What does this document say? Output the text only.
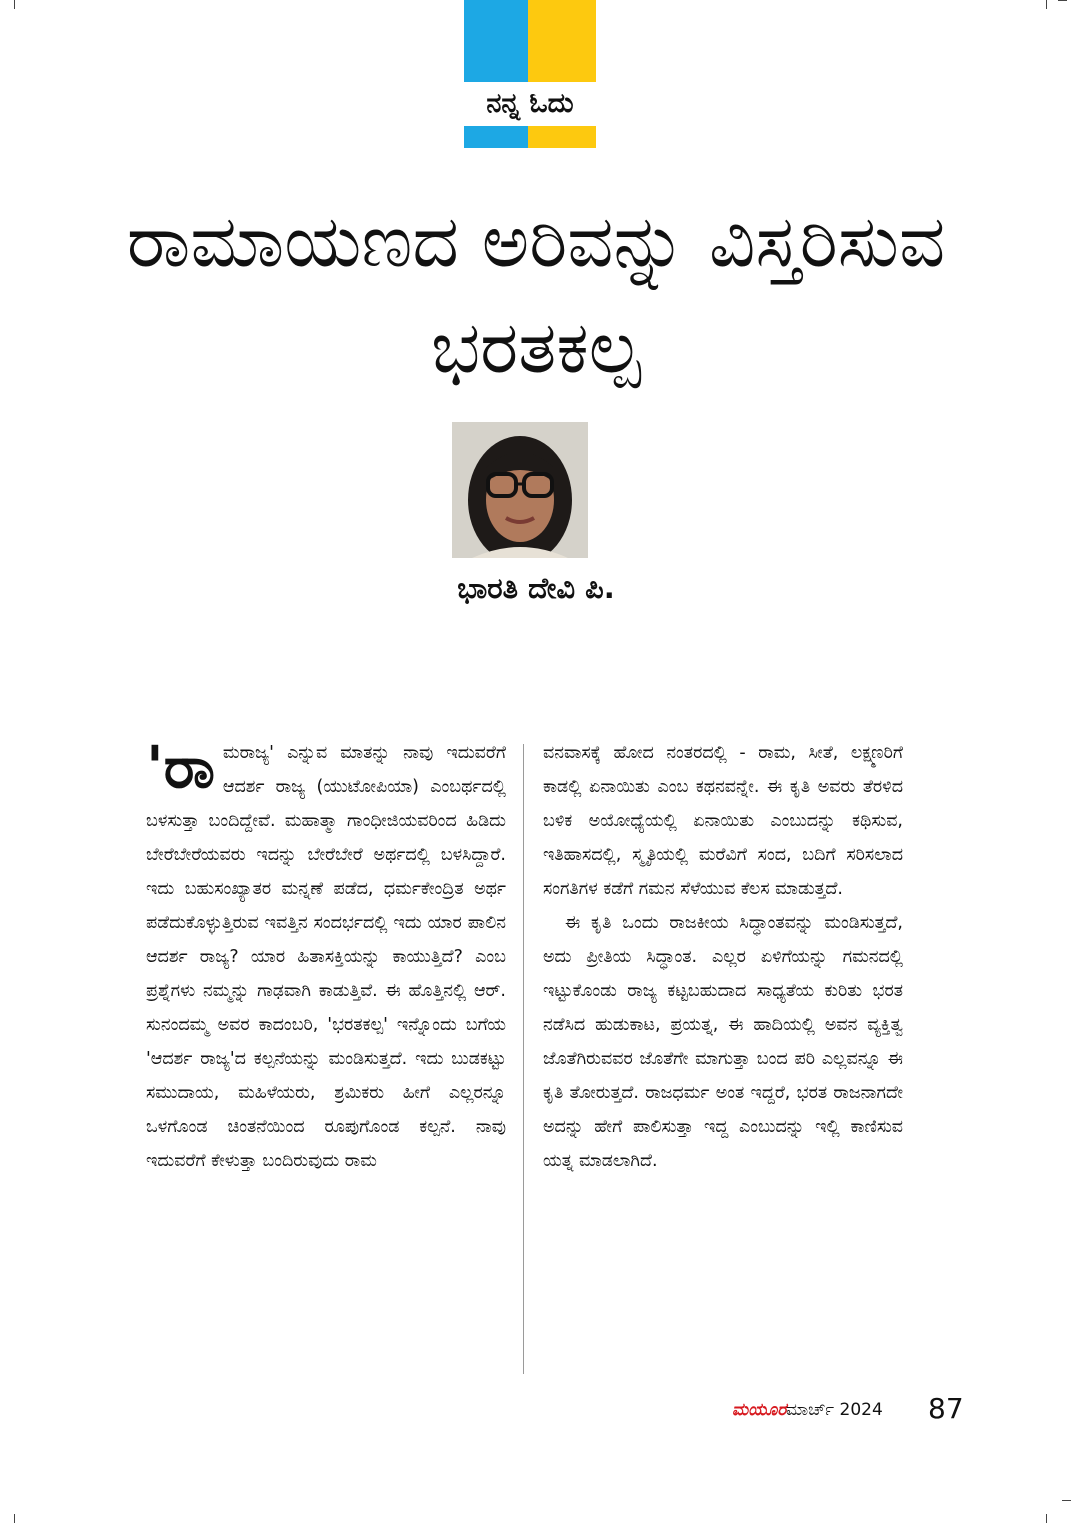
ನನ್ನ ಓದು
ರಾಮಾಯಣದ ಅರಿವನ್ನು ವಿಸ್ತರಿಸುವ ಭರತಕಲ್ಪ
ಭಾರತಿ ದೇವಿ ಪಿ.

'ರಾಮರಾಜ್ಯ' ಎನ್ನುವ ಮಾತನ್ನು ನಾವು ಇದುವರೆಗೆ ಆದರ್ಶ ರಾಜ್ಯ (ಯುಟೋಪಿಯಾ) ಎಂಬರ್ಥದಲ್ಲಿ ಬಳಸುತ್ತಾ ಬಂದಿದ್ದೇವೆ. ಮಹಾತ್ಮಾ ಗಾಂಧೀಜಿಯವರಿಂದ ಹಿಡಿದು ಬೇರೆಬೇರೆಯವರು ಇದನ್ನು ಬೇರೆಬೇರೆ ಅರ್ಥದಲ್ಲಿ ಬಳಸಿದ್ದಾರೆ. ಇದು ಬಹುಸಂಖ್ಯಾತರ ಮನ್ನಣೆ ಪಡೆದ, ಧರ್ಮಕೇಂದ್ರಿತ ಅರ್ಥ ಪಡೆದುಕೊಳ್ಳುತ್ತಿರುವ ಇವತ್ತಿನ ಸಂದರ್ಭದಲ್ಲಿ ಇದು ಯಾರ ಪಾಲಿನ ಆದರ್ಶ ರಾಜ್ಯ? ಯಾರ ಹಿತಾಸಕ್ತಿಯನ್ನು ಕಾಯುತ್ತಿದೆ? ಎಂಬ ಪ್ರಶ್ನೆಗಳು ನಮ್ಮನ್ನು ಗಾಢವಾಗಿ ಕಾಡುತ್ತಿವೆ. ಈ ಹೊತ್ತಿನಲ್ಲಿ ಆರ್. ಸುನಂದಮ್ಮ ಅವರ ಕಾದಂಬರಿ, 'ಭರತಕಲ್ಪ' ಇನ್ನೊಂದು ಬಗೆಯ 'ಆದರ್ಶ ರಾಜ್ಯ'ದ ಕಲ್ಪನೆಯನ್ನು ಮಂಡಿಸುತ್ತದೆ. ಇದು ಬುಡಕಟ್ಟು ಸಮುದಾಯ, ಮಹಿಳೆಯರು, ಶ್ರಮಿಕರು ಹೀಗೆ ಎಲ್ಲರನ್ನೂ ಒಳಗೊಂಡ ಚಿಂತನೆಯಿಂದ ರೂಪುಗೊಂಡ ಕಲ್ಪನೆ. ನಾವು ಇದುವರೆಗೆ ಕೇಳುತ್ತಾ ಬಂದಿರುವುದು ರಾಮ

ವನವಾಸಕ್ಕೆ ಹೋದ ನಂತರದಲ್ಲಿ - ರಾಮ, ಸೀತೆ, ಲಕ್ಷ್ಮಣರಿಗೆ ಕಾಡಲ್ಲಿ ಏನಾಯಿತು ಎಂಬ ಕಥನವನ್ನೇ. ಈ ಕೃತಿ ಅವರು ತೆರಳಿದ ಬಳಿಕ ಅಯೋಧ್ಯೆಯಲ್ಲಿ ಏನಾಯಿತು ಎಂಬುದನ್ನು ಕಥಿಸುವ, ಇತಿಹಾಸದಲ್ಲಿ, ಸ್ಮೃತಿಯಲ್ಲಿ ಮರೆವಿಗೆ ಸಂದ, ಬದಿಗೆ ಸರಿಸಲಾದ ಸಂಗತಿಗಳ ಕಡೆಗೆ ಗಮನ ಸೆಳೆಯುವ ಕೆಲಸ ಮಾಡುತ್ತದೆ.

ಈ ಕೃತಿ ಒಂದು ರಾಜಕೀಯ ಸಿದ್ಧಾಂತವನ್ನು ಮಂಡಿಸುತ್ತದೆ, ಅದು ಪ್ರೀತಿಯ ಸಿದ್ಧಾಂತ. ಎಲ್ಲರ ಏಳಿಗೆಯನ್ನು ಗಮನದಲ್ಲಿ ಇಟ್ಟುಕೊಂಡು ರಾಜ್ಯ ಕಟ್ಟಬಹುದಾದ ಸಾಧ್ಯತೆಯ ಕುರಿತು ಭರತ ನಡೆಸಿದ ಹುಡುಕಾಟ, ಪ್ರಯತ್ನ, ಈ ಹಾದಿಯಲ್ಲಿ ಅವನ ವ್ಯಕ್ತಿತ್ವ ಜೊತೆಗಿರುವವರ ಜೊತೆಗೇ ಮಾಗುತ್ತಾ ಬಂದ ಪರಿ ಎಲ್ಲವನ್ನೂ ಈ ಕೃತಿ ತೋರುತ್ತದೆ. ರಾಜಧರ್ಮ ಅಂತ ಇದ್ದರೆ, ಭರತ ರಾಜನಾಗದೇ ಅದನ್ನು ಹೇಗೆ ಪಾಲಿಸುತ್ತಾ ಇದ್ದ ಎಂಬುದನ್ನು ಇಲ್ಲಿ ಕಾಣಿಸುವ ಯತ್ನ ಮಾಡಲಾಗಿದೆ.

ಮಯೂರ ಮಾರ್ಚ್ 2024 87
